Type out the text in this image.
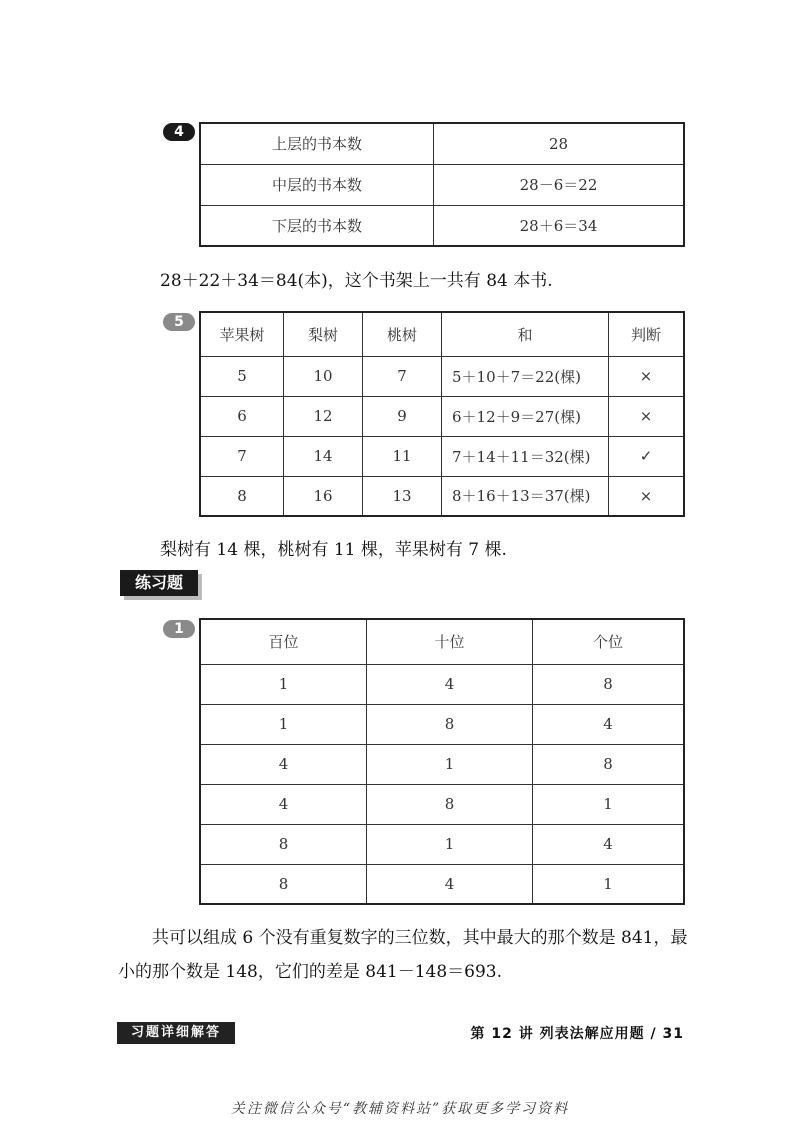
4
上层的书本数	28
中层的书本数	28－6＝22
下层的书本数	28＋6＝34

28＋22＋34＝84(本)，这个书架上一共有 84 本书.

5
苹果树	梨树	桃树	和	判断
5	10	7	5＋10＋7＝22(棵)	×
6	12	9	6＋12＋9＝27(棵)	×
7	14	11	7＋14＋11＝32(棵)	✓
8	16	13	8＋16＋13＝37(棵)	×

梨树有 14 棵，桃树有 11 棵，苹果树有 7 棵.

练习题
1
百位	十位	个位
1	4	8
1	8	4
4	1	8
4	8	1
8	1	4
8	4	1

共可以组成 6 个没有重复数字的三位数，其中最大的那个数是 841，最小的那个数是 148，它们的差是 841－148＝693.

习题详细解答	第 12 讲 列表法解应用题 / 31
关注微信公众号“教辅资料站”获取更多学习资料
